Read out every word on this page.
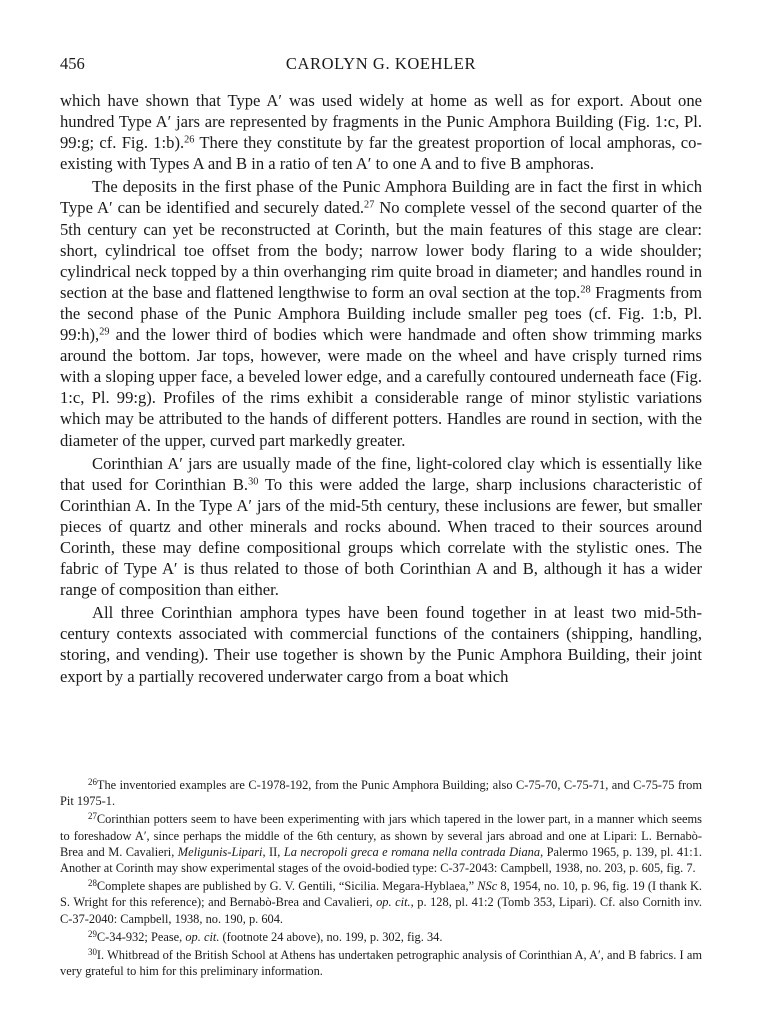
456	CAROLYN G. KOEHLER

which have shown that Type A′ was used widely at home as well as for export. About one hundred Type A′ jars are represented by fragments in the Punic Amphora Building (Fig. 1:c, Pl. 99:g; cf. Fig. 1:b).$^{26}$ There they constitute by far the greatest proportion of local amphoras, co-existing with Types A and B in a ratio of ten A′ to one A and to five B amphoras.

The deposits in the first phase of the Punic Amphora Building are in fact the first in which Type A′ can be identified and securely dated.$^{27}$ No complete vessel of the second quarter of the 5th century can yet be reconstructed at Corinth, but the main features of this stage are clear: short, cylindrical toe offset from the body; narrow lower body flaring to a wide shoulder; cylindrical neck topped by a thin overhanging rim quite broad in diameter; and handles round in section at the base and flattened lengthwise to form an oval section at the top.$^{28}$ Fragments from the second phase of the Punic Amphora Building include smaller peg toes (cf. Fig. 1:b, Pl. 99:h),$^{29}$ and the lower third of bodies which were handmade and often show trimming marks around the bottom. Jar tops, however, were made on the wheel and have crisply turned rims with a sloping upper face, a beveled lower edge, and a carefully contoured underneath face (Fig. 1:c, Pl. 99:g). Profiles of the rims exhibit a considerable range of minor stylistic variations which may be attributed to the hands of different potters. Handles are round in section, with the diameter of the upper, curved part markedly greater.

Corinthian A′ jars are usually made of the fine, light-colored clay which is essentially like that used for Corinthian B.$^{30}$ To this were added the large, sharp inclusions characteristic of Corinthian A. In the Type A′ jars of the mid-5th century, these inclusions are fewer, but smaller pieces of quartz and other minerals and rocks abound. When traced to their sources around Corinth, these may define compositional groups which correlate with the stylistic ones. The fabric of Type A′ is thus related to those of both Corinthian A and B, although it has a wider range of composition than either.

All three Corinthian amphora types have been found together in at least two mid-5th-century contexts associated with commercial functions of the containers (shipping, handling, storing, and vending). Their use together is shown by the Punic Amphora Building, their joint export by a partially recovered underwater cargo from a boat which

$^{26}$The inventoried examples are C-1978-192, from the Punic Amphora Building; also C-75-70, C-75-71, and C-75-75 from Pit 1975-1.

$^{27}$Corinthian potters seem to have been experimenting with jars which tapered in the lower part, in a manner which seems to foreshadow A′, since perhaps the middle of the 6th century, as shown by several jars abroad and one at Lipari: L. Bernabò-Brea and M. Cavalieri, Meligunis-Lipari, II, La necropoli greca e romana nella contrada Diana, Palermo 1965, p. 139, pl. 41:1. Another at Corinth may show experimental stages of the ovoid-bodied type: C-37-2043: Campbell, 1938, no. 203, p. 605, fig. 7.

$^{28}$Complete shapes are published by G. V. Gentili, “Sicilia. Megara-Hyblaea,” NSc 8, 1954, no. 10, p. 96, fig. 19 (I thank K. S. Wright for this reference); and Bernabò-Brea and Cavalieri, op. cit., p. 128, pl. 41:2 (Tomb 353, Lipari). Cf. also Cornith inv. C-37-2040: Campbell, 1938, no. 190, p. 604.

$^{29}$C-34-932; Pease, op. cit. (footnote 24 above), no. 199, p. 302, fig. 34.

$^{30}$I. Whitbread of the British School at Athens has undertaken petrographic analysis of Corinthian A, A′, and B fabrics. I am very grateful to him for this preliminary information.
